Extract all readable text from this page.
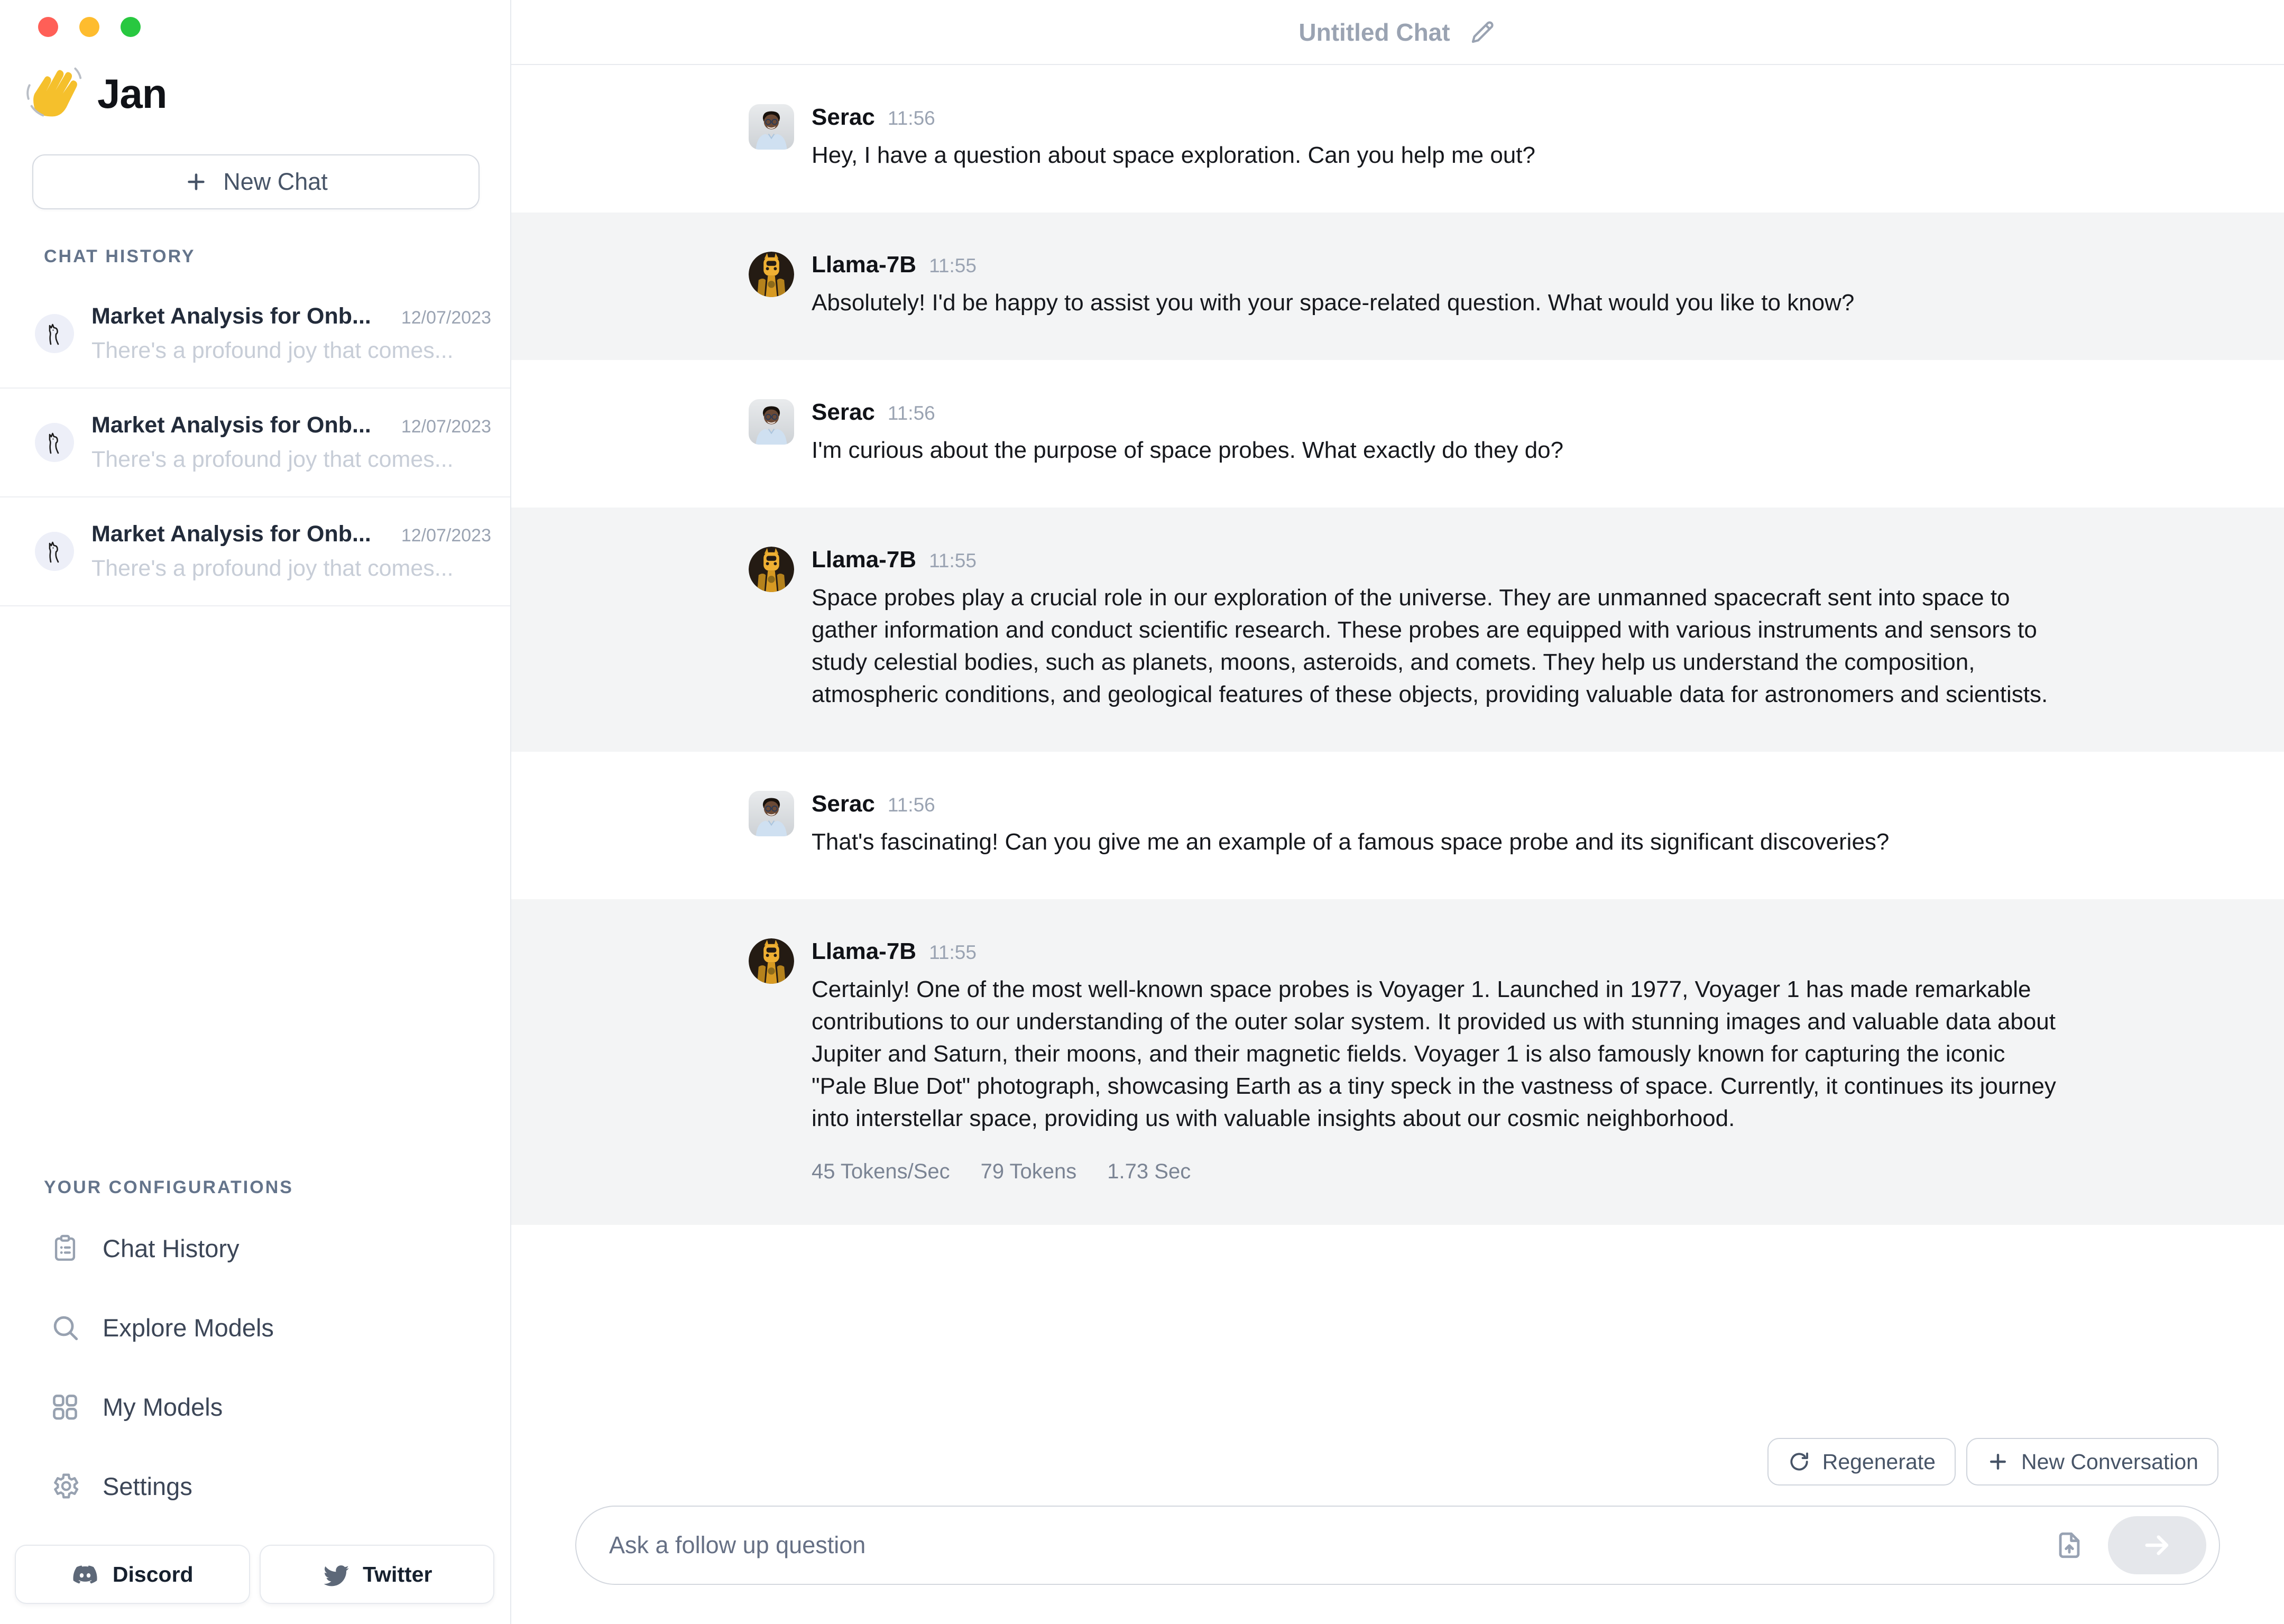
Jan
New Chat
CHAT HISTORY
Market Analysis for Onb... 12/07/2023
There's a profound joy that comes...
Market Analysis for Onb... 12/07/2023
There's a profound joy that comes...
Market Analysis for Onb... 12/07/2023
There's a profound joy that comes...
YOUR CONFIGURATIONS
Chat History
Explore Models
My Models
Settings
Discord	Twitter
Untitled Chat
Serac 11:56
Hey, I have a question about space exploration. Can you help me out?
Llama-7B 11:55
Absolutely! I'd be happy to assist you with your space-related question. What would you like to know?
Serac 11:56
I'm curious about the purpose of space probes. What exactly do they do?
Llama-7B 11:55
Space probes play a crucial role in our exploration of the universe. They are unmanned spacecraft sent into space to gather information and conduct scientific research. These probes are equipped with various instruments and sensors to study celestial bodies, such as planets, moons, asteroids, and comets. They help us understand the composition, atmospheric conditions, and geological features of these objects, providing valuable data for astronomers and scientists.
Serac 11:56
That's fascinating! Can you give me an example of a famous space probe and its significant discoveries?
Llama-7B 11:55
Certainly! One of the most well-known space probes is Voyager 1. Launched in 1977, Voyager 1 has made remarkable contributions to our understanding of the outer solar system. It provided us with stunning images and valuable data about Jupiter and Saturn, their moons, and their magnetic fields. Voyager 1 is also famously known for capturing the iconic "Pale Blue Dot" photograph, showcasing Earth as a tiny speck in the vastness of space. Currently, it continues its journey into interstellar space, providing us with valuable insights about our cosmic neighborhood.
45 Tokens/Sec 79 Tokens 1.73 Sec
Regenerate	New Conversation
Ask a follow up question
